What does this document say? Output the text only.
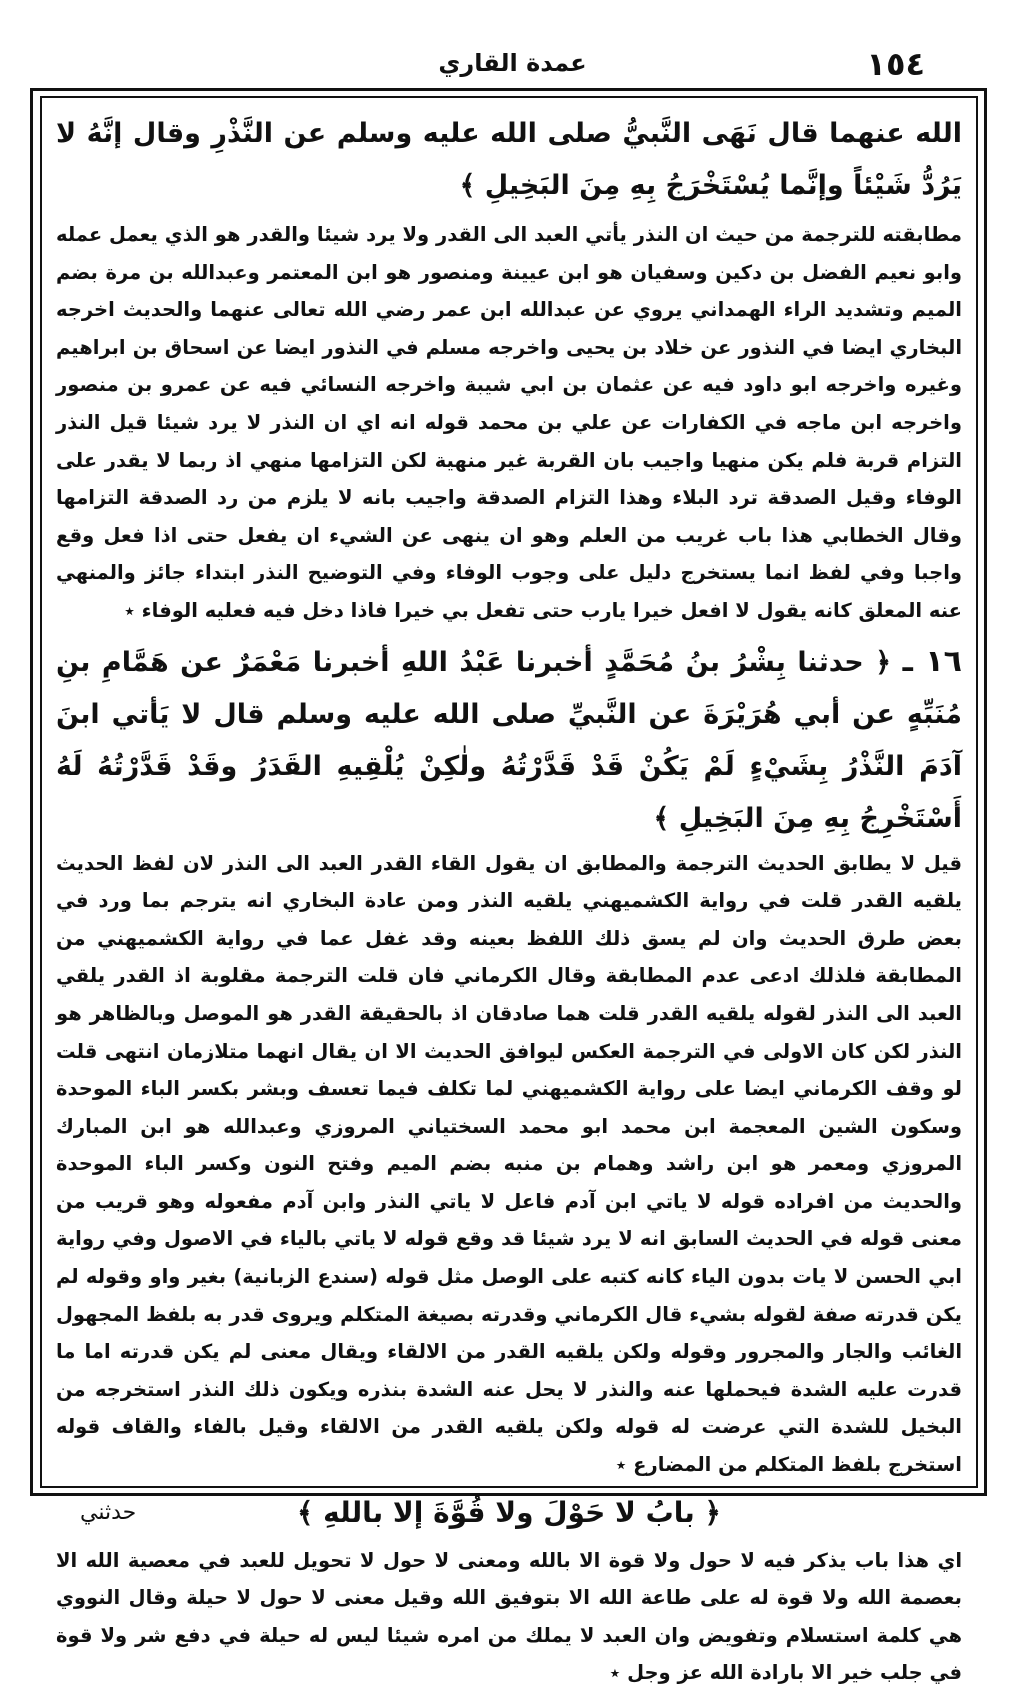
عمدة القاري	١٥٤

الله عنهما قال نَهَى النَّبيُّ صلى الله عليه وسلم عن النَّذْرِ وقال إنَّهُ لا يَرُدُّ شَيْئاً وإنَّما يُسْتَخْرَجُ بِهِ مِنَ البَخِيلِ ﴾

مطابقته للترجمة من حيث ان النذر يأتي العبد الى القدر ولا يرد شيئا والقدر هو الذي يعمل عمله وابو نعيم الفضل بن دكين وسفيان هو ابن عيينة ومنصور هو ابن المعتمر وعبدالله بن مرة بضم الميم وتشديد الراء الهمداني يروي عن عبدالله ابن عمر رضي الله تعالى عنهما والحديث اخرجه البخاري ايضا في النذور عن خلاد بن يحيى واخرجه مسلم في النذور ايضا عن اسحاق بن ابراهيم وغيره واخرجه ابو داود فيه عن عثمان بن ابي شيبة واخرجه النسائي فيه عن عمرو بن منصور واخرجه ابن ماجه في الكفارات عن علي بن محمد قوله انه اي ان النذر لا يرد شيئا قيل النذر التزام قربة فلم يكن منهيا واجيب بان القربة غير منهية لكن التزامها منهي اذ ربما لا يقدر على الوفاء وقيل الصدقة ترد البلاء وهذا التزام الصدقة واجيب بانه لا يلزم من رد الصدقة التزامها وقال الخطابي هذا باب غريب من العلم وهو ان ينهى عن الشيء ان يفعل حتى اذا فعل وقع واجبا وفي لفظ انما يستخرج دليل على وجوب الوفاء وفي التوضيح النذر ابتداء جائز والمنهي عنه المعلق كانه يقول لا افعل خيرا يارب حتى تفعل بي خيرا فاذا دخل فيه فعليه الوفاء ٭

١٦ ـ ﴿ حدثنا بِشْرُ بنُ مُحَمَّدٍ أخبرنا عَبْدُ اللهِ أخبرنا مَعْمَرٌ عن هَمَّامِ بنِ مُنَبِّهٍ عن أبي هُرَيْرَةَ عن النَّبيِّ صلى الله عليه وسلم قال لا يَأتي ابنَ آدَمَ النَّذْرُ بِشَيْءٍ لَمْ يَكُنْ قَدْ قَدَّرْتُهُ ولٰكِنْ يُلْقِيهِ القَدَرُ وقَدْ قَدَّرْتُهُ لَهُ أَسْتَخْرِجُ بِهِ مِنَ البَخِيلِ ﴾

قيل لا يطابق الحديث الترجمة والمطابق ان يقول القاء القدر العبد الى النذر لان لفظ الحديث يلقيه القدر قلت في رواية الكشميهني يلقيه النذر ومن عادة البخاري انه يترجم بما ورد في بعض طرق الحديث وان لم يسق ذلك اللفظ بعينه وقد غفل عما في رواية الكشميهني من المطابقة فلذلك ادعى عدم المطابقة وقال الكرماني فان قلت الترجمة مقلوبة اذ القدر يلقي العبد الى النذر لقوله يلقيه القدر قلت هما صادقان اذ بالحقيقة القدر هو الموصل وبالظاهر هو النذر لكن كان الاولى في الترجمة العكس ليوافق الحديث الا ان يقال انهما متلازمان انتهى قلت لو وقف الكرماني ايضا على رواية الكشميهني لما تكلف فيما تعسف وبشر بكسر الباء الموحدة وسكون الشين المعجمة ابن محمد ابو محمد السختياني المروزي وعبدالله هو ابن المبارك المروزي ومعمر هو ابن راشد وهمام بن منبه بضم الميم وفتح النون وكسر الباء الموحدة والحديث من افراده قوله لا ياتي ابن آدم فاعل لا ياتي النذر وابن آدم مفعوله وهو قريب من معنى قوله في الحديث السابق انه لا يرد شيئا قد وقع قوله لا ياتي بالياء في الاصول وفي رواية ابي الحسن لا يات بدون الياء كانه كتبه على الوصل مثل قوله (سندع الزبانية) بغير واو وقوله لم يكن قدرته صفة لقوله بشيء قال الكرماني وقدرته بصيغة المتكلم ويروى قدر به بلفظ المجهول الغائب والجار والمجرور وقوله ولكن يلقيه القدر من الالقاء ويقال معنى لم يكن قدرته اما ما قدرت عليه الشدة فيحملها عنه والنذر لا يحل عنه الشدة بنذره ويكون ذلك النذر استخرجه من البخيل للشدة التي عرضت له قوله ولكن يلقيه القدر من الالقاء وقيل بالفاء والقاف قوله استخرج بلفظ المتكلم من المضارع ٭

﴿ بابُ لا حَوْلَ ولا قُوَّةَ إلا باللهِ ﴾

اي هذا باب يذكر فيه لا حول ولا قوة الا بالله ومعنى لا حول لا تحويل للعبد في معصية الله الا بعصمة الله ولا قوة له على طاعة الله الا بتوفيق الله وقيل معنى لا حول لا حيلة وقال النووي هي كلمة استسلام وتفويض وان العبد لا يملك من امره شيئا ليس له حيلة في دفع شر ولا قوة في جلب خير الا بارادة الله عز وجل ٭

حدثني
